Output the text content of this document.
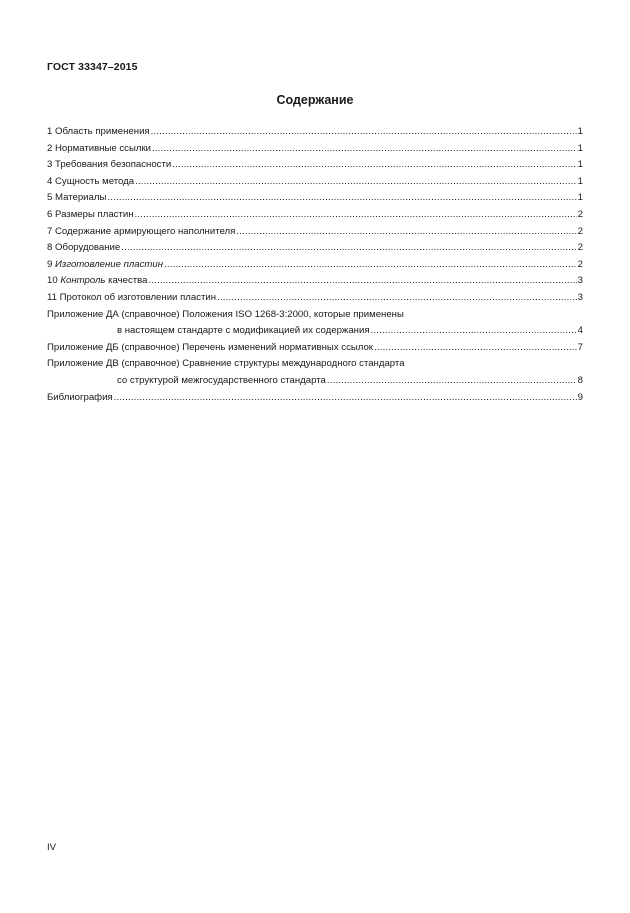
ГОСТ 33347–2015
Содержание
1 Область применения .....	1
2 Нормативные ссылки .....	1
3 Требования безопасности .....	1
4 Сущность метода .....	1
5 Материалы .....	1
6 Размеры пластин .....	2
7 Содержание армирующего наполнителя .....	2
8 Оборудование .....	2
9 Изготовление пластин .....	2
10 Контроль качества .....	3
11 Протокол об изготовлении пластин .....	3
Приложение ДА (справочное) Положения ISO 1268-3:2000, которые применены
в настоящем стандарте с модификацией их содержания .....	4
Приложение ДБ (справочное) Перечень изменений нормативных ссылок .....	7
Приложение ДВ (справочное) Сравнение структуры международного стандарта
со структурой межгосударственного стандарта .....	8
Библиография .....	9
IV
